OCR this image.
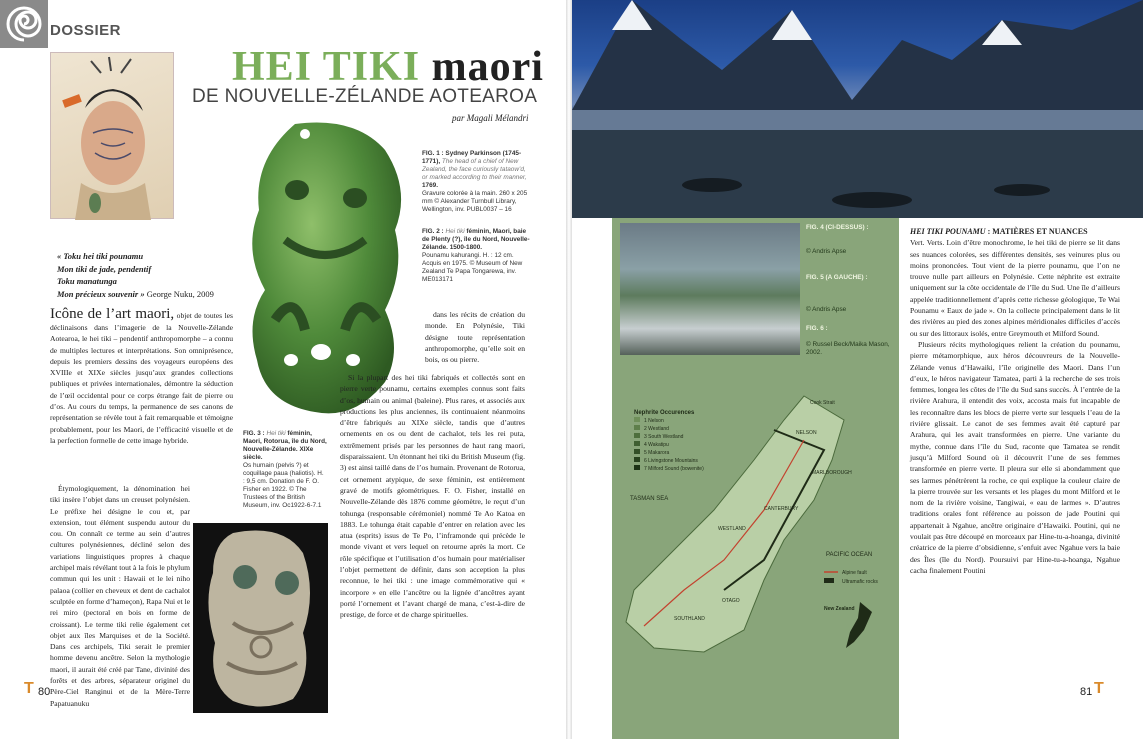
DOSSIER
HEI TIKI maori
DE NOUVELLE-ZÉLANDE AOTEAROA
par Magali Mélandri
FIG. 1 : Sydney Parkinson (1745-1771), The head of a chief of New Zealand, the face curiously tataow’d, or marked according to their manner, 1769.
Gravure colorée à la main. 260 x 205 mm © Alexander Turnbull Library, Wellington, inv. PUBL0037 – 16
FIG. 2 : Hei tiki féminin, Maori, baie de Plenty (?), île du Nord, Nouvelle-Zélande. 1500-1800.
Pounamu kahurangi. H. : 12 cm. Acquis en 1975. © Museum of New Zealand Te Papa Tongarewa, inv. ME013171
FIG. 3 : Hei tiki féminin, Maori, Rotorua, île du Nord, Nouvelle-Zélande. XIXe siècle.
Os humain (pelvis ?) et coquillage paua (haliotis). H. : 9,5 cm. Donation de F. O. Fisher en 1922. © The Trustees of the British Museum, inv. Oc1922-6-7.1
« Toku hei tiki pounamu
Mon tiki de jade, pendentif
Toku manatunga
Mon précieux souvenir » George Nuku, 2009
Icône de l’art maori, objet de toutes les déclinaisons dans l’imagerie de la Nouvelle-Zélande Aotearoa, le hei tiki – pendentif anthropomorphe – a connu de multiples lectures et interprétations. Son omniprésence, depuis les premiers dessins des voyageurs européens des XVIIIe et XIXe siècles jusqu’aux grandes collections publiques et privées internationales, démontre la séduction de l’œil occidental pour ce corps étrange fait de pierre ou d’os. Au cours du temps, la permanence de ses canons de représentation se révèle tout à fait remarquable et témoigne probablement, pour les Maori, de l’efficacité visuelle et de la perfection formelle de cette image hybride.

Étymologiquement, la dénomination hei tiki insère l’objet dans un creuset polynésien. Le préfixe hei désigne le cou et, par extension, tout élément suspendu autour du cou. On connaît ce terme au sein d’autres cultures polynésiennes, décliné selon des variations linguistiques propres à chaque archipel mais révélant tout à la fois le phylum commun qui les unit : Hawaii et le lei niho palaoa (collier en cheveux et dent de cachalot sculptée en forme d’hameçon), Rapa Nui et le rei miro (pectoral en bois en forme de croissant). Le terme tiki relie également cet objet aux îles Marquises et de la Société. Dans ces archipels, Tiki serait le premier homme devenu ancêtre. Selon la mythologie maori, il aurait été créé par Tane, divinité des forêts et des arbres, séparateur originel du Père-Ciel Ranginui et de la Mère-Terre Papatuanuku

dans les récits de création du monde. En Polynésie, Tiki désigne toute représentation anthropomorphe, qu’elle soit en bois, os ou pierre.

Si la plupart des hei tiki fabriqués et collectés sont en pierre verte pounamu, certains exemples connus sont faits d’os, humain ou animal (baleine). Plus rares, et associés aux productions les plus anciennes, ils continuaient néanmoins d’être fabriqués au XIXe siècle, tandis que d’autres ornements en os ou dent de cachalot, tels les rei puta, extrêmement prisés par les personnes de haut rang maori, disparaissaient. Un étonnant hei tiki du British Museum (fig. 3) est ainsi taillé dans de l’os humain. Provenant de Rotorua, cet ornement atypique, de sexe féminin, est entièrement gravé de motifs géométriques. F. O. Fisher, installé en Nouvelle-Zélande dès 1876 comme géomètre, le reçut d’un tohunga (responsable cérémoniel) nommé Te Ao Katoa en 1883. Le tohunga était capable d’entrer en relation avec les atua (esprits) issus de Te Po, l’inframonde qui précède le monde vivant et vers lequel on retourne après la mort. Ce rôle spécifique et l’utilisation d’os humain pour matérialiser l’objet permettent de définir, dans son acception la plus reconnue, le hei tiki : une image commémorative qui « incorpore » en elle l’ancêtre ou la lignée d’ancêtres ayant porté l’ornement et l’avant chargé de mana, c’est-à-dire de prestige, de force et de charge spirituelles.

T 80
FIG. 4 (CI-DESSUS) :

© Andris Apse
FIG. 5 (A GAUCHE) :

© Andris Apse
FIG. 6 :

© Russel Beck/Maika Mason, 2002.
Nephrite Occurences
1 Nelson
2 Westland
3 South Westland
4 Wakatipu
5 Makarora
6 Livingstone Mountains
7 Milford Sound (bowenite)
TASMAN SEA
PACIFIC OCEAN
Cook Strait
NELSON
MARLBOROUGH
WESTLAND
CANTERBURY
OTAGO
SOUTHLAND
Alpine fault
Ultramafic rocks
New Zealand
HEI TIKI POUNAMU : MATIÈRES ET NUANCES

Vert. Verts. Loin d’être monochrome, le hei tiki de pierre se lit dans ses nuances colorées, ses différentes densités, ses veinures plus ou moins prononcées. Tout vient de la pierre pounamu, que l’on ne trouve nulle part ailleurs en Polynésie. Cette néphrite est extraite uniquement sur la côte occidentale de l’île du Sud. Une île d’ailleurs appelée traditionnellement d’après cette richesse géologique, Te Wai Pounamu « Eaux de jade ». On la collecte principalement dans le lit des rivières au pied des zones alpines méridionales difficiles d’accès ou sur des littoraux isolés, entre Greymouth et Milford Sound.

Plusieurs récits mythologiques relient la création du pounamu, pierre métamorphique, aux héros découvreurs de la Nouvelle-Zélande venus d’Hawaiki, l’île originelle des Maori. Dans l’un d’eux, le héros navigateur Tamatea, parti à la recherche de ses trois femmes, longea les côtes de l’île du Sud sans succès. À l’entrée de la rivière Arahura, il entendit des voix, accosta mais fut incapable de les reconnaître dans les blocs de pierre verte sur lesquels l’eau de la rivière glissait. Le canot de ses femmes avait été capturé par Arahura, qui les avait transformées en pierre. Une variante du mythe, connue dans l’île du Sud, raconte que Tamatea se rendit jusqu’à Milford Sound où il découvrit l’une de ses femmes transformée en pierre verte. Il pleura sur elle si abondamment que ses larmes pénétrèrent la roche, ce qui explique la couleur claire de la pierre trouvée sur les versants et les plages du mont Milford et le nom de la rivière voisine, Tangiwai, « eau de larmes ». D’autres traditions orales font référence au poisson de jade Poutini qui appartenait à Ngahue, ancêtre originaire d’Hawaiki. Poutini, qui ne voulait pas être découpé en morceaux par Hine-tu-a-hoanga, divinité créatrice de la pierre d’obsidienne, s’enfuit avec Ngahue vers la baie des Îles (île du Nord). Poursuivi par Hine-tu-a-hoanga, Ngahue cacha finalement Poutini

81 T
